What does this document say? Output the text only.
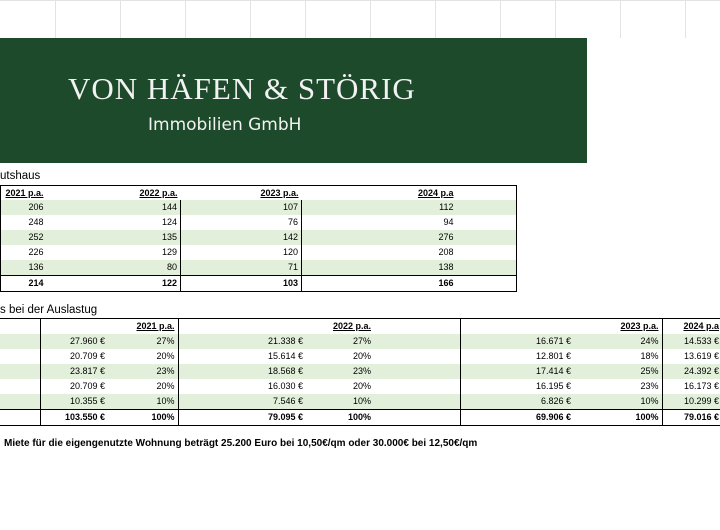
VON HÄFEN & STÖRIG
Immobilien GmbH
utshaus
2021 p.a.	2022 p.a.		2023 p.a.		2024 p.a	
206	144		107		112	
248	124		76		94	
252	135		142		276	
226	129		120		208	
136	80		71		138	
214	122		103		166	
s bei der Auslastug
	2021 p.a.			2022 p.a.				2023 p.a.		2024 p.a
	27.960 €	27%		21.338 €	27%			16.671 €	24%	14.533 €
	20.709 €	20%		15.614 €	20%			12.801 €	18%	13.619 €
	23.817 €	23%		18.568 €	23%			17.414 €	25%	24.392 €
	20.709 €	20%		16.030 €	20%			16.195 €	23%	16.173 €
	10.355 €	10%		7.546 €	10%			6.826 €	10%	10.299 €
	103.550 €	100%		79.095 €	100%			69.906 €	100%	79.016 €
Miete für die eigengenutzte Wohnung beträgt 25.200 Euro bei 10,50€/qm oder 30.000€ bei 12,50€/qm
